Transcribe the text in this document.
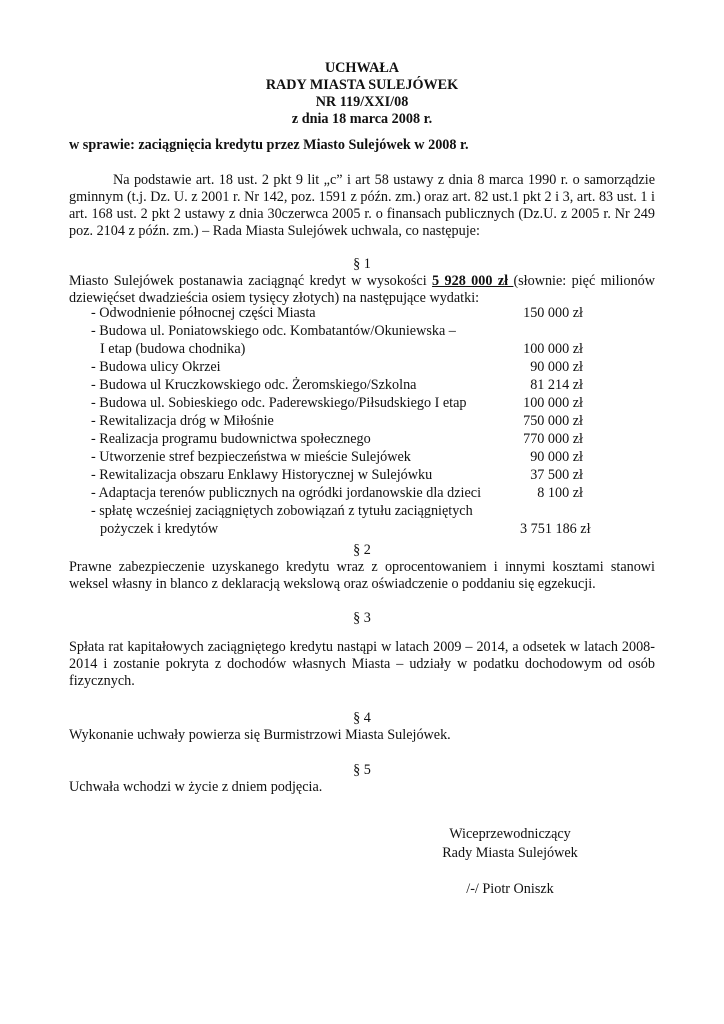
UCHWAŁA
RADY MIASTA SULEJÓWEK
NR 119/XXI/08
z dnia 18 marca 2008 r.
w sprawie: zaciągnięcia kredytu przez Miasto Sulejówek w 2008 r.
Na podstawie art. 18 ust. 2 pkt 9 lit „c” i art 58 ustawy z dnia 8 marca 1990 r. o samorządzie gminnym (t.j. Dz. U. z 2001 r. Nr 142, poz. 1591 z późn. zm.) oraz art. 82 ust.1 pkt 2 i 3, art. 83 ust. 1 i art. 168 ust. 2 pkt 2 ustawy z dnia 30czerwca 2005 r. o finansach publicznych (Dz.U. z 2005 r. Nr 249 poz. 2104 z późn. zm.) – Rada Miasta Sulejówek uchwala, co następuje:
§ 1
Miasto Sulejówek postanawia zaciągnąć kredyt w wysokości 5 928 000 zł (słownie: pięć milionów dziewięćset dwadzieścia osiem tysięcy złotych) na następujące wydatki:
- Odwodnienie północnej części Miasta	150 000 zł
- Budowa ul. Poniatowskiego odc. Kombatantów/Okuniewska –
I etap (budowa chodnika)	100 000 zł
- Budowa ulicy Okrzei	90 000 zł
- Budowa ul Kruczkowskiego odc. Żeromskiego/Szkolna	81 214 zł
- Budowa ul. Sobieskiego odc. Paderewskiego/Piłsudskiego I etap	100 000 zł
- Rewitalizacja dróg w Miłośnie	750 000 zł
- Realizacja programu budownictwa społecznego	770 000 zł
- Utworzenie stref bezpieczeństwa w mieście Sulejówek	90 000 zł
- Rewitalizacja obszaru Enklawy Historycznej w Sulejówku	37 500 zł
- Adaptacja terenów publicznych na ogródki jordanowskie dla dzieci	8 100 zł
- spłatę wcześniej zaciągniętych zobowiązań z tytułu zaciągniętych
pożyczek i kredytów	3 751 186 zł
§ 2
Prawne zabezpieczenie uzyskanego kredytu wraz z oprocentowaniem i innymi kosztami stanowi weksel własny in blanco z deklaracją wekslową oraz oświadczenie o poddaniu się egzekucji.
§ 3
Spłata rat kapitałowych zaciągniętego kredytu nastąpi w latach 2009 – 2014, a odsetek w latach 2008-2014 i zostanie pokryta z dochodów własnych Miasta – udziały w podatku dochodowym od osób fizycznych.
§ 4
Wykonanie uchwały powierza się Burmistrzowi Miasta Sulejówek.
§ 5
Uchwała wchodzi w życie z dniem podjęcia.
Wiceprzewodniczący
Rady Miasta Sulejówek
/-/ Piotr Oniszk
